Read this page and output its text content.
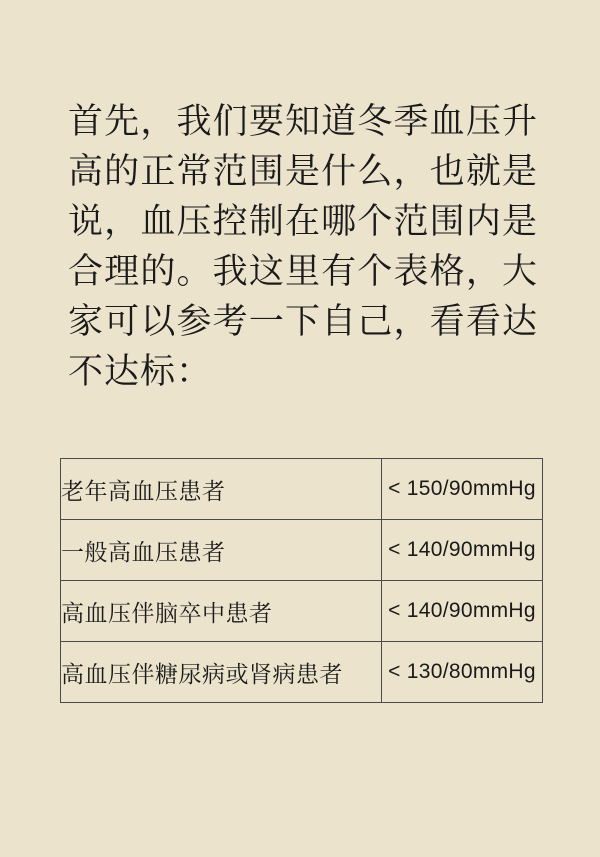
首先，我们要知道冬季血压升高的正常范围是什么，也就是说，血压控制在哪个范围内是合理的。我这里有个表格，大家可以参考一下自己，看看达不达标：

老年高血压患者	< 150/90mmHg
一般高血压患者	< 140/90mmHg
高血压伴脑卒中患者	< 140/90mmHg
高血压伴糖尿病或肾病患者	< 130/80mmHg
